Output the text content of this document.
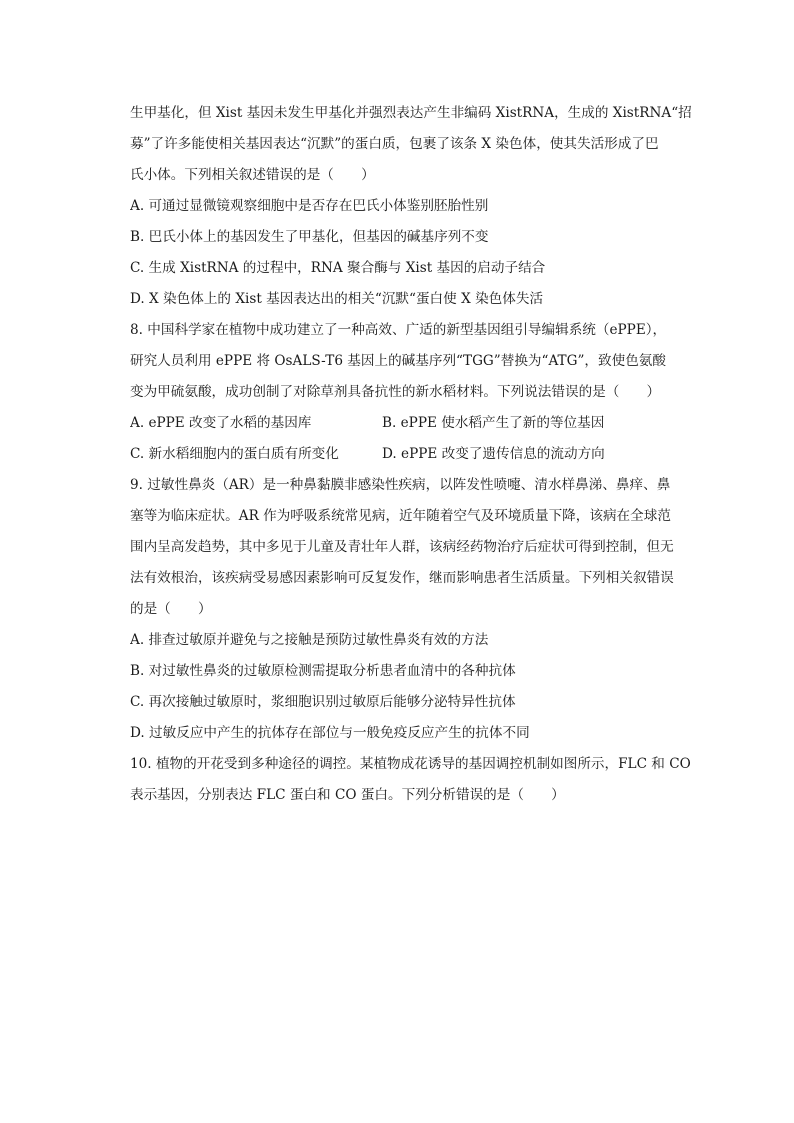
生甲基化，但 Xist 基因未发生甲基化并强烈表达产生非编码 XistRNA，生成的 XistRNA“招
募”了许多能使相关基因表达“沉默”的蛋白质，包裹了该条 X 染色体，使其失活形成了巴
氏小体。下列相关叙述错误的是（　　）
A. 可通过显微镜观察细胞中是否存在巴氏小体鉴别胚胎性别
B. 巴氏小体上的基因发生了甲基化，但基因的碱基序列不变
C. 生成 XistRNA 的过程中，RNA 聚合酶与 Xist 基因的启动子结合
D. X 染色体上的 Xist 基因表达出的相关“沉默“蛋白使 X 染色体失活
8. 中国科学家在植物中成功建立了一种高效、广适的新型基因组引导编辑系统（ePPE），
研究人员利用 ePPE 将 OsALS-T6 基因上的碱基序列“TGG”替换为“ATG”，致使色氨酸
变为甲硫氨酸，成功创制了对除草剂具备抗性的新水稻材料。下列说法错误的是（　　）
A. ePPE 改变了水稻的基因库	B. ePPE 使水稻产生了新的等位基因
C. 新水稻细胞内的蛋白质有所变化	D. ePPE 改变了遗传信息的流动方向
9. 过敏性鼻炎（AR）是一种鼻黏膜非感染性疾病，以阵发性喷嚏、清水样鼻涕、鼻痒、鼻
塞等为临床症状。AR 作为呼吸系统常见病，近年随着空气及环境质量下降，该病在全球范
围内呈高发趋势，其中多见于儿童及青壮年人群，该病经药物治疗后症状可得到控制，但无
法有效根治，该疾病受易感因素影响可反复发作，继而影响患者生活质量。下列相关叙错误
的是（　　）
A. 排查过敏原并避免与之接触是预防过敏性鼻炎有效的方法
B. 对过敏性鼻炎的过敏原检测需提取分析患者血清中的各种抗体
C. 再次接触过敏原时，浆细胞识别过敏原后能够分泌特异性抗体
D. 过敏反应中产生的抗体存在部位与一般免疫反应产生的抗体不同
10. 植物的开花受到多种途径的调控。某植物成花诱导的基因调控机制如图所示，FLC 和 CO
表示基因，分别表达 FLC 蛋白和 CO 蛋白。下列分析错误的是（　　）
